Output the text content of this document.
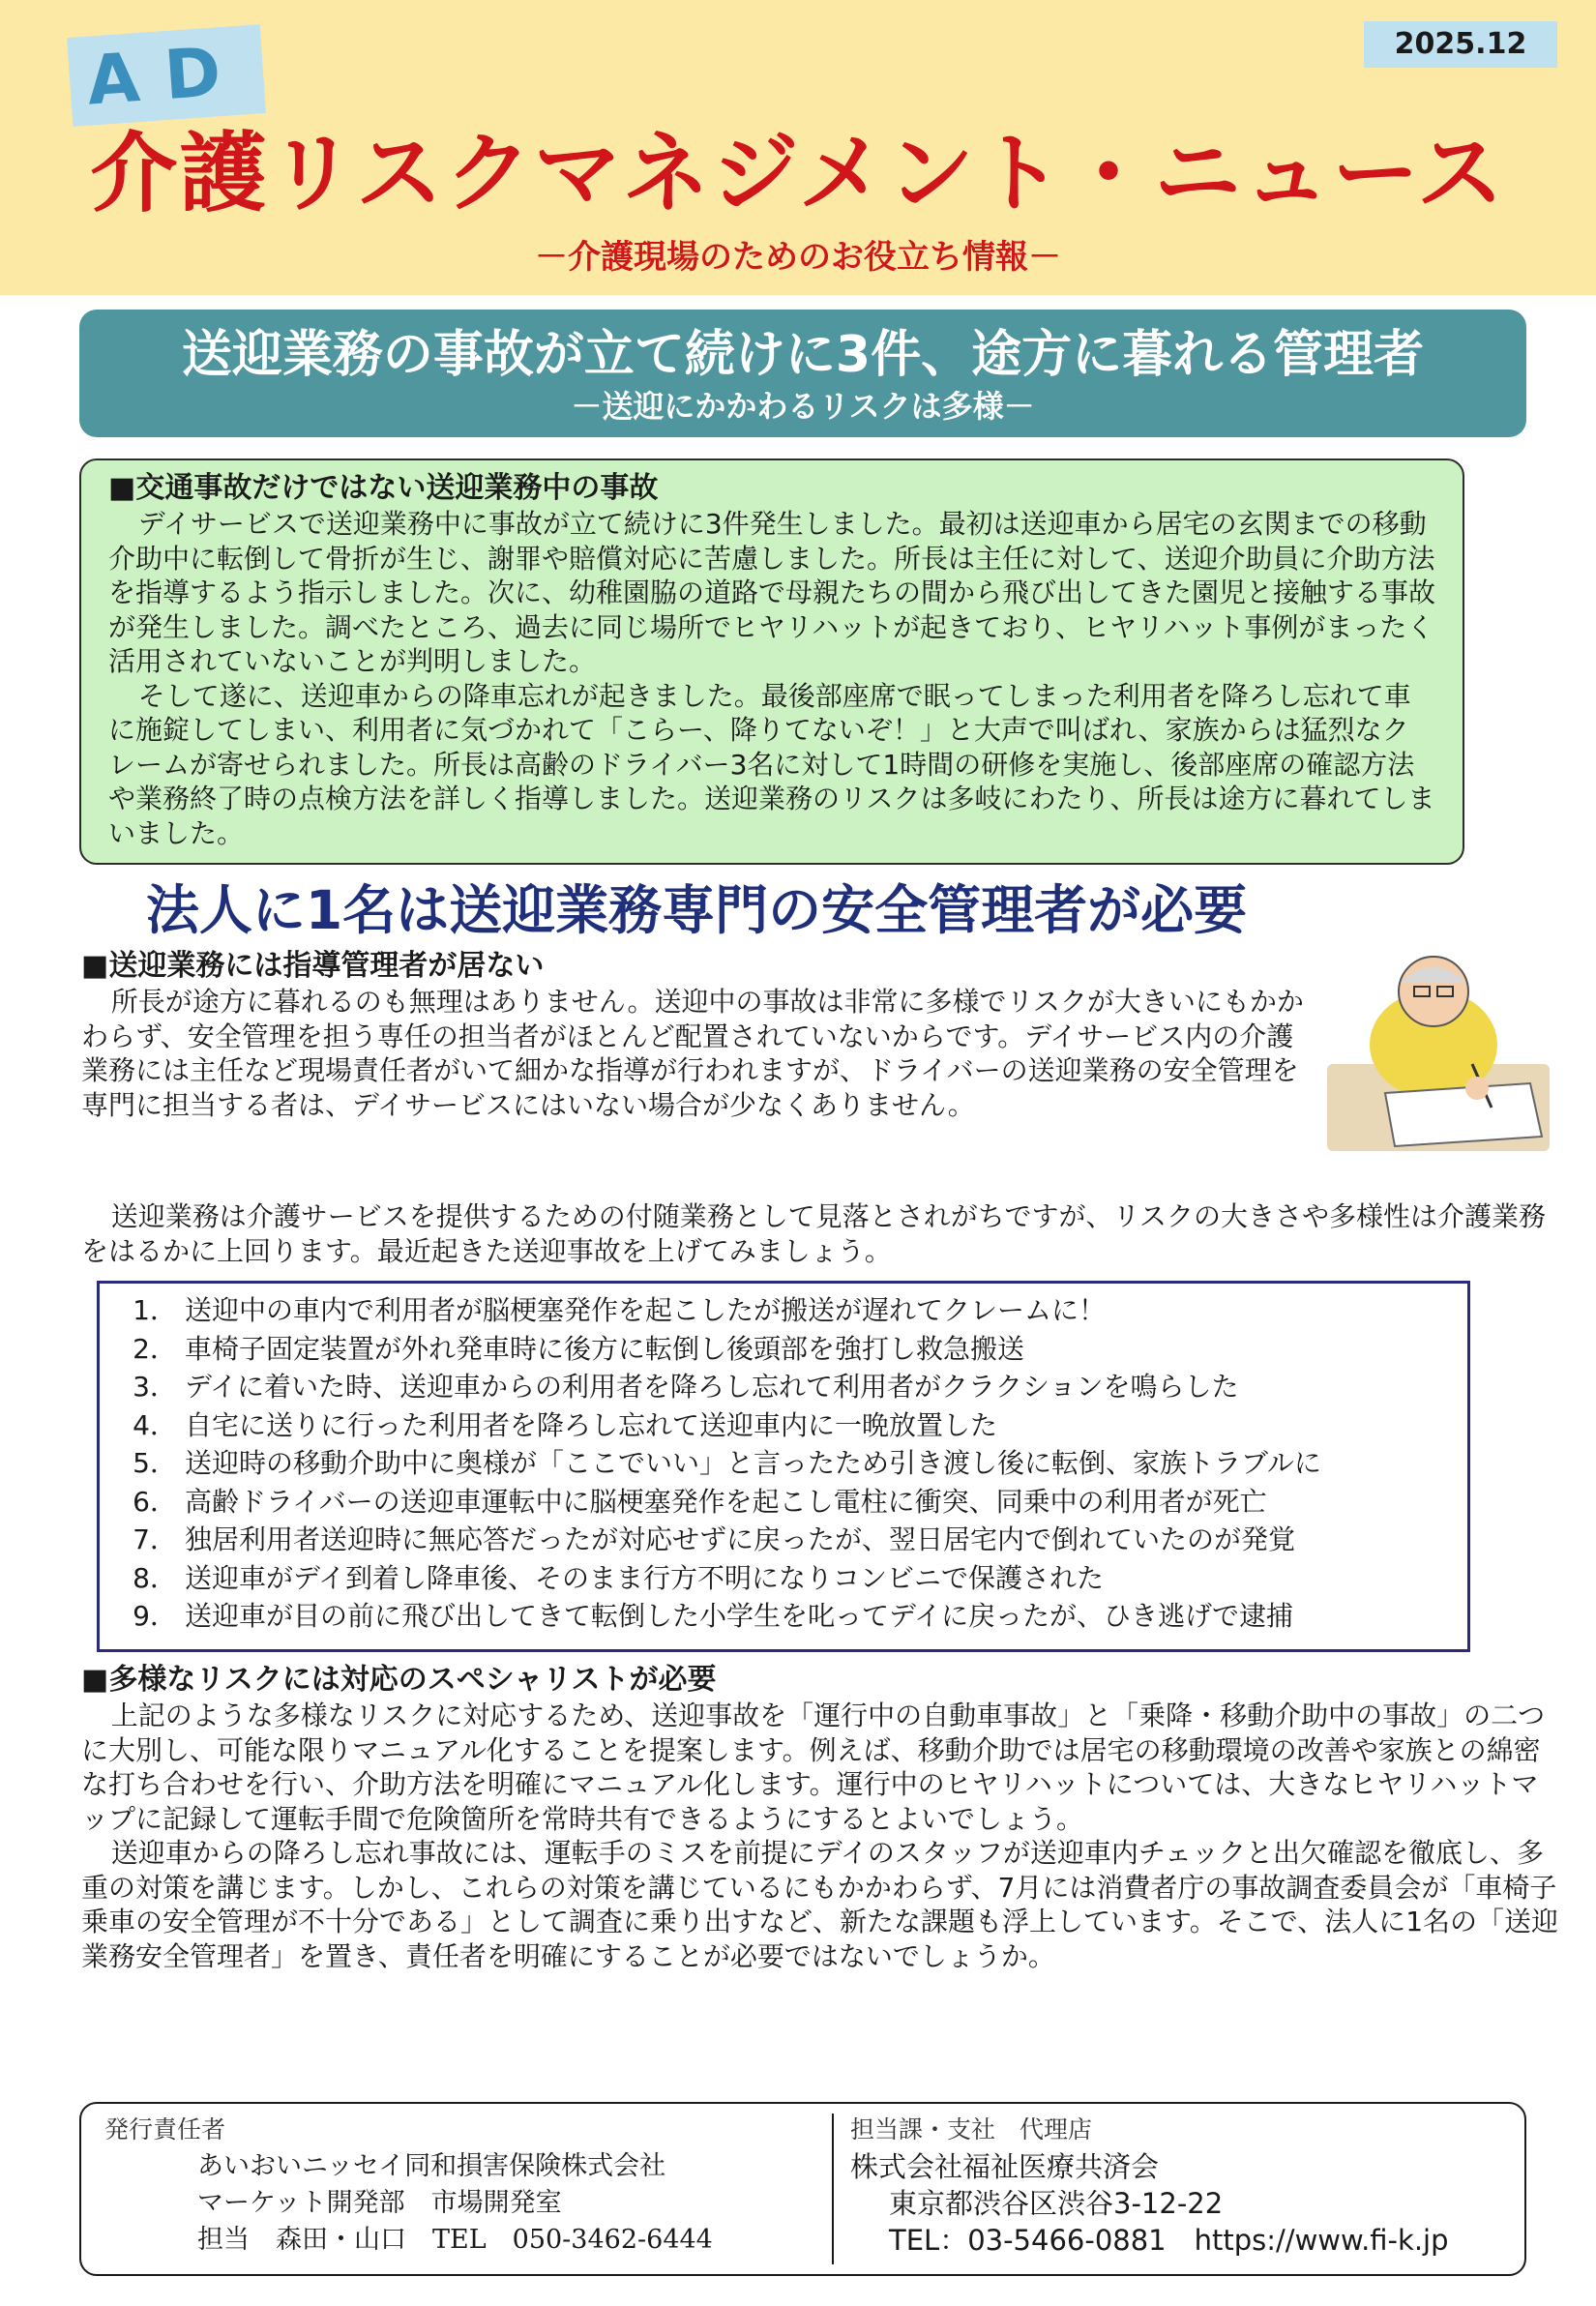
AD	2025.12
介護リスクマネジメント・ニュース
－介護現場のためのお役立ち情報－
送迎業務の事故が立て続けに3件、途方に暮れる管理者
－送迎にかかわるリスクは多様－
■交通事故だけではない送迎業務中の事故
デイサービスで送迎業務中に事故が立て続けに3件発生しました。最初は送迎車から居宅の玄関までの移動介助中に転倒して骨折が生じ、謝罪や賠償対応に苦慮しました。所長は主任に対して、送迎介助員に介助方法を指導するよう指示しました。次に、幼稚園脇の道路で母親たちの間から飛び出してきた園児と接触する事故が発生しました。調べたところ、過去に同じ場所でヒヤリハットが起きており、ヒヤリハット事例がまったく活用されていないことが判明しました。
そして遂に、送迎車からの降車忘れが起きました。最後部座席で眠ってしまった利用者を降ろし忘れて車に施錠してしまい、利用者に気づかれて「こらー、降りてないぞ！」と大声で叫ばれ、家族からは猛烈なクレームが寄せられました。所長は高齢のドライバー3名に対して1時間の研修を実施し、後部座席の確認方法や業務終了時の点検方法を詳しく指導しました。送迎業務のリスクは多岐にわたり、所長は途方に暮れてしまいました。
法人に1名は送迎業務専門の安全管理者が必要
■送迎業務には指導管理者が居ない
所長が途方に暮れるのも無理はありません。送迎中の事故は非常に多様でリスクが大きいにもかかわらず、安全管理を担う専任の担当者がほとんど配置されていないからです。デイサービス内の介護業務には主任など現場責任者がいて細かな指導が行われますが、ドライバーの送迎業務の安全管理を専門に担当する者は、デイサービスにはいない場合が少なくありません。
送迎業務は介護サービスを提供するための付随業務として見落とされがちですが、リスクの大きさや多様性は介護業務をはるかに上回ります。最近起きた送迎事故を上げてみましょう。
1． 送迎中の車内で利用者が脳梗塞発作を起こしたが搬送が遅れてクレームに！
2． 車椅子固定装置が外れ発車時に後方に転倒し後頭部を強打し救急搬送
3． デイに着いた時、送迎車からの利用者を降ろし忘れて利用者がクラクションを鳴らした
4． 自宅に送りに行った利用者を降ろし忘れて送迎車内に一晩放置した
5． 送迎時の移動介助中に奥様が「ここでいい」と言ったため引き渡し後に転倒、家族トラブルに
6． 高齢ドライバーの送迎車運転中に脳梗塞発作を起こし電柱に衝突、同乗中の利用者が死亡
7． 独居利用者送迎時に無応答だったが対応せずに戻ったが、翌日居宅内で倒れていたのが発覚
8． 送迎車がデイ到着し降車後、そのまま行方不明になりコンビニで保護された
9． 送迎車が目の前に飛び出してきて転倒した小学生を叱ってデイに戻ったが、ひき逃げで逮捕
■多様なリスクには対応のスペシャリストが必要
上記のような多様なリスクに対応するため、送迎事故を「運行中の自動車事故」と「乗降・移動介助中の事故」の二つに大別し、可能な限りマニュアル化することを提案します。例えば、移動介助では居宅の移動環境の改善や家族との綿密な打ち合わせを行い、介助方法を明確にマニュアル化します。運行中のヒヤリハットについては、大きなヒヤリハットマップに記録して運転手間で危険箇所を常時共有できるようにするとよいでしょう。
送迎車からの降ろし忘れ事故には、運転手のミスを前提にデイのスタッフが送迎車内チェックと出欠確認を徹底し、多重の対策を講じます。しかし、これらの対策を講じているにもかかわらず、7月には消費者庁の事故調査委員会が「車椅子乗車の安全管理が不十分である」として調査に乗り出すなど、新たな課題も浮上しています。そこで、法人に1名の「送迎業務安全管理者」を置き、責任者を明確にすることが必要ではないでしょうか。
発行責任者
あいおいニッセイ同和損害保険株式会社
マーケット開発部　市場開発室
担当　森田・山口　TEL　050-3462-6444
担当課・支社　代理店
株式会社福祉医療共済会
東京都渋谷区渋谷3-12-22
TEL：03-5466-0881　https://www.fi-k.jp
